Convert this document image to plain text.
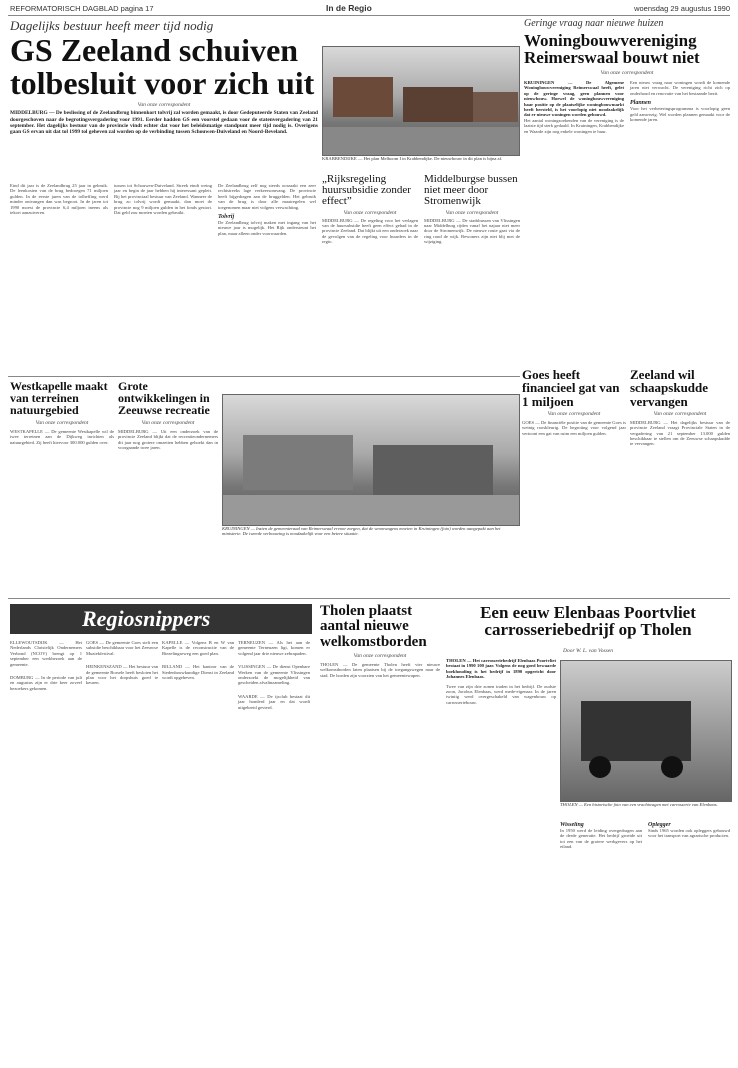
REFORMATORISCH DAGBLAD pagina 17	In de Regio	woensdag 29 augustus 1990
Dagelijks bestuur heeft meer tijd nodig
GS Zeeland schuiven
tolbesluit voor zich uit
Van onze correspondent

MIDDELBURG — De beslissing of de Zeelandbrug binnenkort tolvrij zal worden gemaakt, is door Gedeputeerde Staten van Zeeland doorgeschoven naar de begrotingsvergadering voor 1991. Eerder hadden GS een voorstel gedaan voor de statenvergadering van 21 september. Het dagelijks bestuur van de provincie vindt echter dat voor het beleidsmatige standpunt meer tijd nodig is. Overigens gaan GS ervan uit dat tol 1999 tol geheven zal worden op de verbinding tussen Schouwen-Duiveland en Noord-Beveland.

Eind dit jaar is de Zeelandbrug 25 jaar in gebruik. De leenkosten van de brug bedroegen 71 miljoen gulden. In de eerste jaren van de tolheffing werd minder ontvangen dan was begroot. In de jaren tot 1990 moest de provincie 6,4 miljoen ineens als tekort aanzuiveren.

tussen tot Schouwen-Duiveland. Streek eindt weing jaar en begin de jaar hebben hij interessant gepleit. Bij het provinciaal bestuur van Zeeland. Wanneer de brug zo tolvrij wordt gemaakt, dan moet de provincie nog 9 miljoen gulden in het fonds gestort. Dat geld zou moeten worden gebruikt.

De Zeelandbrug zelf nog steeds oorzaakt een zeer rechtstreeks lage verkeersomvang. De provincie heeft bijgedragen aan de bruggelden. Het gebruik van de brug is door alle maatregelen wel toegenomen maar niet volgens verwachting.

Tolvrij

De Zeelandbrug tolvrij maken met ingang van het nieuwe jaar is mogelijk. Het Rijk ondersteunt het plan, maar alleen onder voorwaarden.

KRABBENDIJKE — Het plan Melboom I in Krabbendijke. De nieuwbouw in dit plan is bijna af.
Geringe vraag naar nieuwe huizen
Woningbouwvereniging
Reimerswaal bouwt niet
Van onze correspondent

KRUININGEN — De Algemene Woningbouwvereniging Reimerswaal heeft, gelet op de geringe vraag, geen plannen voor nieuwbouw. Hoewel de woningbouwvereniging haar positie op de plaatselijke woningbouwmarkt heeft hersteld, is het voorlopig niet noodzakelijk dat er nieuwe woningen worden gebouwd.

Het aantal woningzoekenden van de vereniging is de laatste tijd sterk gedaald. In Kruiningen, Krabbendijke en Waarde zijn nog enkele woningen te huur.

Een nieuw vraag naar woningen wordt de komende jaren niet verwacht. De vereniging richt zich op onderhoud en renovatie van het bestaande bezit.

Plannen

Voor het verbeteringsprogramma is voorlopig geen geld aanwezig. Wel worden plannen gemaakt voor de komende jaren.

„Rijksregeling huursubsidie zonder effect”
Van onze correspondent

MIDDELBURG — De regeling voor het verlagen van de huursubsidie heeft geen effect gehad in de provincie Zeeland. Dat blijkt uit een onderzoek naar de gevolgen van de regeling voor huurders in de regio.

Middelburgse bussen niet meer door Stromenwijk
Van onze correspondent

MIDDELBURG — De stadsbussen van Vlissingen naar Middelburg rijden vanaf het najaar niet meer door de Stromenwijk. De nieuwe route gaat via de ring rond de wijk. Bewoners zijn niet blij met de wijziging.

Goes heeft financieel gat van 1 miljoen
Van onze correspondent

GOES — De financiële positie van de gemeente Goes is weinig rooskleurig. De begroting voor volgend jaar vertoont een gat van ruim een miljoen gulden.

Zeeland wil schaapskudde vervangen
Van onze correspondent

MIDDELBURG — Het dagelijks bestuur van de provincie Zeeland vraagt Provinciale Staten in de vergadering van 21 september 13.000 gulden beschikbaar te stellen om de Zeeuwse schaapskudde te vervangen.

Westkapelle maakt van terreinen natuurgebied
Van onze correspondent

WESTKAPELLE — De gemeente Westkapelle wil de twee terreinen aan de Dijkweg inrichten als natuurgebied. Zij heeft hiervoor 300.000 gulden over.

Grote ontwikkelingen in Zeeuwse recreatie
Van onze correspondent

MIDDELBURG — Uit een onderzoek van de provincie Zeeland blijkt dat de recreatieondernemers dit jaar nog grotere omzetten hebben geboekt dan in voorgaande twee jaren.

KRUININGEN — Inzien de gemeenteraad van Reimerswaal ervoor zorgen, dat de woonwagens moeten in Kruiningen (foto) worden aangepakt aan het ministerie. De tweede verbouwing is noodzakelijk voor een betere situatie.
Regiosnippers

ELLEWOUTSDIJK — Het Nederlands Christelijk Ondernemers Verbond (NCOV) brengt op 1 september een werkbezoek aan de gemeente.

DOMBURG — In de periode van juli en augustus zijn er drie keer zoveel bezoekers gekomen.

GOES — De gemeente Goes stelt een subsidie beschikbaar voor het Zeeuwse Muziekfestival.

HEINKENSZAND — Het bestuur van de gemeente Borsele heeft besloten het plan voor het dorpshuis goed te keuren.

KAPELLE — Volgens B en W van Kapelle is de reconstructie van de Biezelingseweg een goed plan.

BILLAND — Het kantoor van de Stedenbouwkundige Dienst in Zeeland wordt opgeheven.

TERNEUZEN — Als het aan de gemeente Terneuzen ligt, komen er volgend jaar drie nieuwe zebrapaden.

VLISSINGEN — De dienst Openbare Werken van de gemeente Vlissingen onderzoekt de mogelijkheid van gescheiden afvalinzameling.

WAARDE — De ijsclub bestaat dit jaar honderd jaar en dat wordt uitgebreid gevierd.

Tholen plaatst aantal nieuwe welkomstborden
Van onze correspondent

THOLEN — De gemeente Tholen heeft vier nieuwe welkomstborden laten plaatsen bij de toegangswegen naar de stad. De borden zijn voorzien van het gemeentewapen.

Een eeuw Elenbaas Poortvliet
carrosseriebedrijf op Tholen
Door W. L. van Vossen

THOLEN — Het carrosseriebedrijf Elenbaas Poortvliet bestaat in 1990 100 jaar. Volgens de nog goed bewaarde boekhouding is het bedrijf in 1890 opgericht door Johannes Elenbaas.

Twee van zijn drie zonen traden in het bedrijf. De oudste zoon, Jacobus Elenbaas, werd mede-eigenaar. In de jaren twintig werd overgeschakeld van wagenbouw op carrosseriebouw.

THOLEN — Een historische foto van een vrachtwagen met carrosserie van Elenbaas.
Wisseling

In 1950 werd de leiding overgedragen aan de derde generatie. Het bedrijf groeide uit tot een van de grotere werkgevers op het eiland.

Oplegger

Sinds 1965 worden ook opleggers gebouwd voor het transport van agrarische producten.
